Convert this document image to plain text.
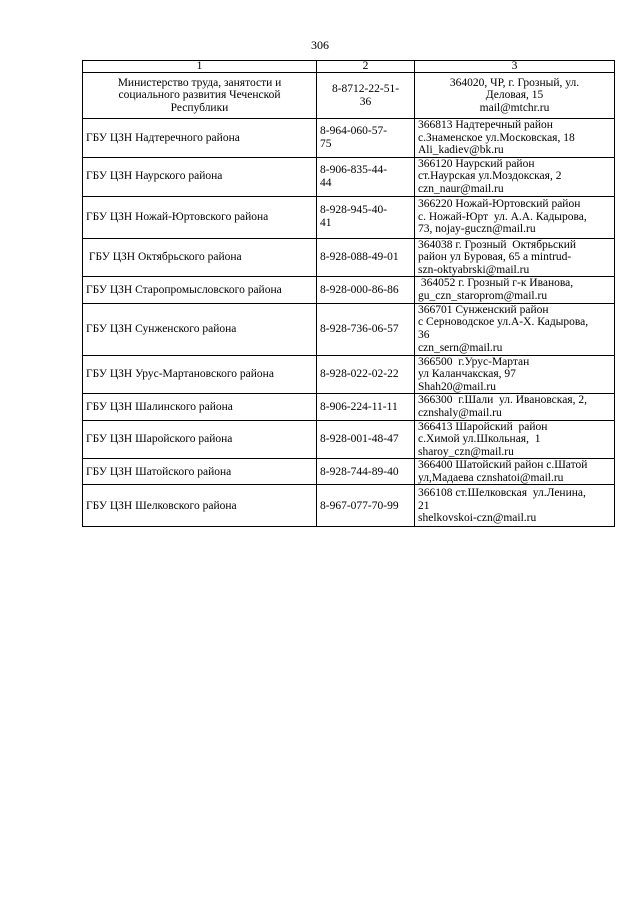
306
1	2	3

Министерство труда, занятости и
социального развития Чеченской
Республики	8-8712-22-51-
36	364020, ЧР, г. Грозный, ул.
Деловая, 15
mail@mtchr.ru

ГБУ ЦЗН Надтеречного района	8-964-060-57-
75	366813 Надтеречный район
с.Знаменское ул.Московская, 18
Ali_kadiev@bk.ru

ГБУ ЦЗН Наурского района	8-906-835-44-
44	366120 Наурский район
ст.Наурская ул.Моздокская, 2
czn_naur@mail.ru

ГБУ ЦЗН Ножай-Юртовского района	8-928-945-40-
41	366220 Ножай-Юртовский район
с. Ножай-Юрт  ул. А.А. Кадырова,
73, nojay-guczn@mail.ru

ГБУ ЦЗН Октябрьского района	8-928-088-49-01	364038 г. Грозный  Октябрьский
район ул Буровая, 65 а mintrud-
szn-oktyabrski@mail.ru

ГБУ ЦЗН Старопромысловского района	8-928-000-86-86	364052 г. Грозный г-к Иванова,
gu_czn_staroprom@mail.ru

ГБУ ЦЗН Сунженского района	8-928-736-06-57	366701 Сунженский район
с Серноводское ул.А-Х. Кадырова,
36
czn_sern@mail.ru

ГБУ ЦЗН Урус-Мартановского района	8-928-022-02-22	366500  г.Урус-Мартан
ул Каланчакская, 97
Shah20@mail.ru

ГБУ ЦЗН Шалинского района	8-906-224-11-11	366300  г.Шали  ул. Ивановская, 2,
cznshaly@mail.ru

ГБУ ЦЗН Шаройского района	8-928-001-48-47	366413 Шаройский  район
с.Химой ул.Школьная,  1
sharoy_czn@mail.ru

ГБУ ЦЗН Шатойского района	8-928-744-89-40	366400 Шатойский район с.Шатой
ул,Мадаева cznshatoi@mail.ru

ГБУ ЦЗН Шелковского района	8-967-077-70-99	366108 ст.Шелковская  ул.Ленина,
21
shelkovskoi-czn@mail.ru
